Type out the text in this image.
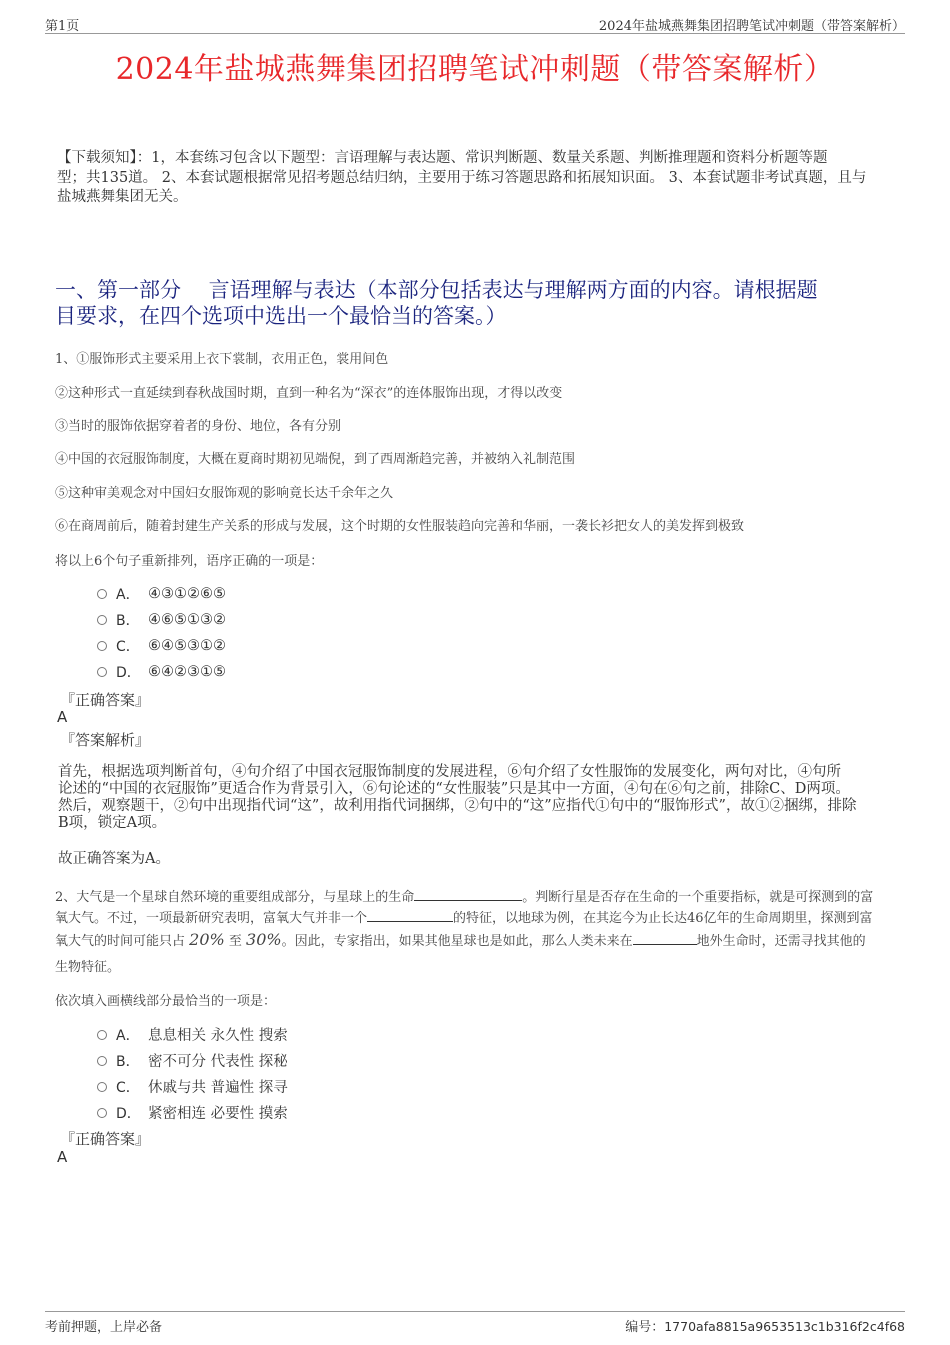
第1页	2024年盐城燕舞集团招聘笔试冲刺题（带答案解析）
2024年盐城燕舞集团招聘笔试冲刺题（带答案解析）
【下载须知】：1，本套练习包含以下题型：言语理解与表达题、常识判断题、数量关系题、判断推理题和资料分析题等题
型；共135道。 2、本套试题根据常见招考题总结归纳，主要用于练习答题思路和拓展知识面。 3、本套试题非考试真题，且与
盐城燕舞集团无关。
一、第一部分　 言语理解与表达（本部分包括表达与理解两方面的内容。请根据题
目要求，在四个选项中选出一个最恰当的答案。）
1、①服饰形式主要采用上衣下裳制，衣用正色，裳用间色
②这种形式一直延续到春秋战国时期，直到一种名为“深衣”的连体服饰出现，才得以改变
③当时的服饰依据穿着者的身份、地位，各有分别
④中国的衣冠服饰制度，大概在夏商时期初见端倪，到了西周渐趋完善，并被纳入礼制范围
⑤这种审美观念对中国妇女服饰观的影响竟长达千余年之久
⑥在商周前后，随着封建生产关系的形成与发展，这个时期的女性服装趋向完善和华丽，一袭长衫把女人的美发挥到极致
将以上6个句子重新排列，语序正确的一项是：
A． ④③①②⑥⑤
B． ④⑥⑤①③②
C． ⑥④⑤③①②
D． ⑥④②③①⑤
『正确答案』
A
『答案解析』
首先，根据选项判断首句，④句介绍了中国衣冠服饰制度的发展进程，⑥句介绍了女性服饰的发展变化，两句对比，④句所
论述的“中国的衣冠服饰”更适合作为背景引入，⑥句论述的“女性服装”只是其中一方面，④句在⑥句之前，排除C、D两项。
然后，观察题干，②句中出现指代词“这”，故利用指代词捆绑，②句中的“这”应指代①句中的“服饰形式”，故①②捆绑，排除
B项，锁定A项。
故正确答案为A。
2、大气是一个星球自然环境的重要组成部分，与星球上的生命	。判断行星是否存在生命的一个重要指标，就是可探测到的富
氧大气。不过，一项最新研究表明，富氧大气并非一个	的特征，以地球为例，在其迄今为止长达46亿年的生命周期里，探测到富
氧大气的时间可能只占 20% 至 30%。因此，专家指出，如果其他星球也是如此，那么人类未来在	地外生命时，还需寻找其他的
生物特征。
依次填入画横线部分最恰当的一项是：
A． 息息相关 永久性 搜索
B． 密不可分 代表性 探秘
C． 休戚与共 普遍性 探寻
D． 紧密相连 必要性 摸索
『正确答案』
A
考前押题，上岸必备	编号：1770afa8815a9653513c1b316f2c4f68
